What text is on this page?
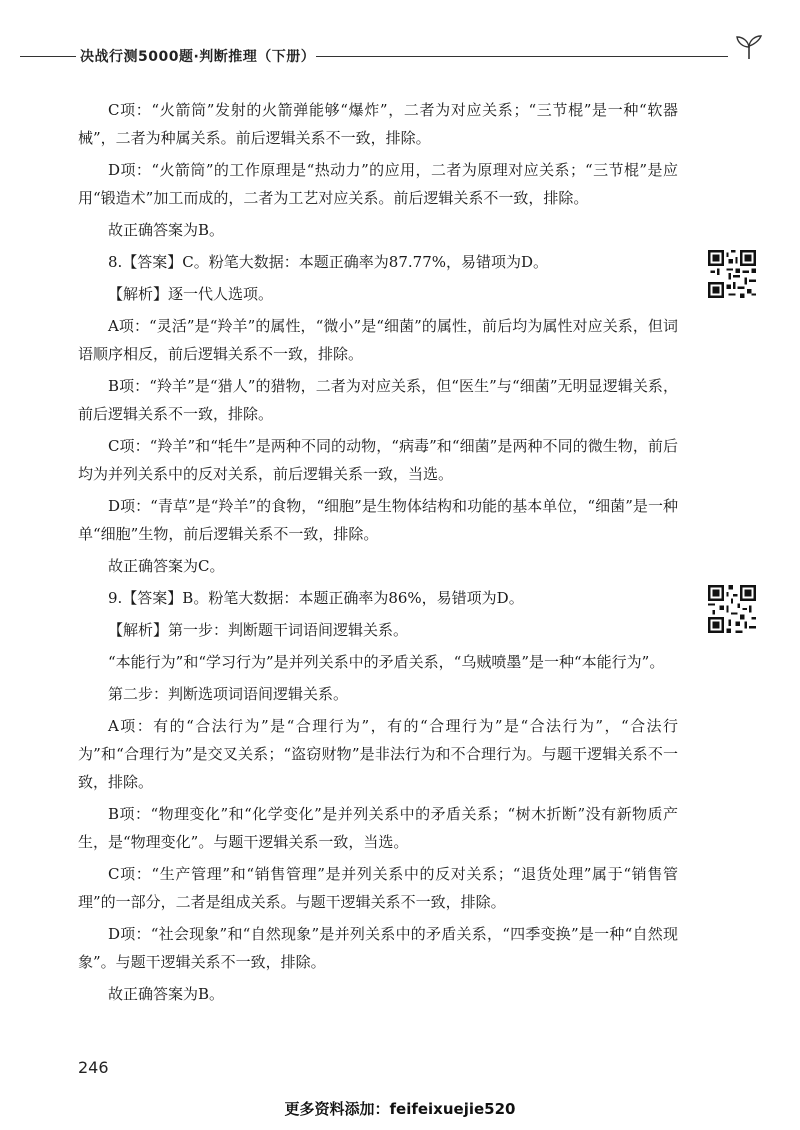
决战行测5000题·判断推理（下册）

C项：“火箭筒”发射的火箭弹能够“爆炸”，二者为对应关系；“三节棍”是一种“软器械”，二者为种属关系。前后逻辑关系不一致，排除。

D项：“火箭筒”的工作原理是“热动力”的应用，二者为原理对应关系；“三节棍”是应用“锻造术”加工而成的，二者为工艺对应关系。前后逻辑关系不一致，排除。

故正确答案为B。

8.【答案】C。粉笔大数据：本题正确率为87.77%，易错项为D。

【解析】逐一代人选项。

A项：“灵活”是“羚羊”的属性，“微小”是“细菌”的属性，前后均为属性对应关系，但词语顺序相反，前后逻辑关系不一致，排除。

B项：“羚羊”是“猎人”的猎物，二者为对应关系，但“医生”与“细菌”无明显逻辑关系，前后逻辑关系不一致，排除。

C项：“羚羊”和“牦牛”是两种不同的动物，“病毒”和“细菌”是两种不同的微生物，前后均为并列关系中的反对关系，前后逻辑关系一致，当选。

D项：“青草”是“羚羊”的食物，“细胞”是生物体结构和功能的基本单位，“细菌”是一种单“细胞”生物，前后逻辑关系不一致，排除。

故正确答案为C。

9.【答案】B。粉笔大数据：本题正确率为86%，易错项为D。

【解析】第一步：判断题干词语间逻辑关系。

“本能行为”和“学习行为”是并列关系中的矛盾关系，“乌贼喷墨”是一种“本能行为”。

第二步：判断选项词语间逻辑关系。

A项：有的“合法行为”是“合理行为”，有的“合理行为”是“合法行为”，“合法行为”和“合理行为”是交叉关系；“盗窃财物”是非法行为和不合理行为。与题干逻辑关系不一致，排除。

B项：“物理变化”和“化学变化”是并列关系中的矛盾关系；“树木折断”没有新物质产生，是“物理变化”。与题干逻辑关系一致，当选。

C项：“生产管理”和“销售管理”是并列关系中的反对关系；“退货处理”属于“销售管理”的一部分，二者是组成关系。与题干逻辑关系不一致，排除。

D项：“社会现象”和“自然现象”是并列关系中的矛盾关系，“四季变换”是一种“自然现象”。与题干逻辑关系不一致，排除。

故正确答案为B。

246
更多资料添加：feifeixuejie520
